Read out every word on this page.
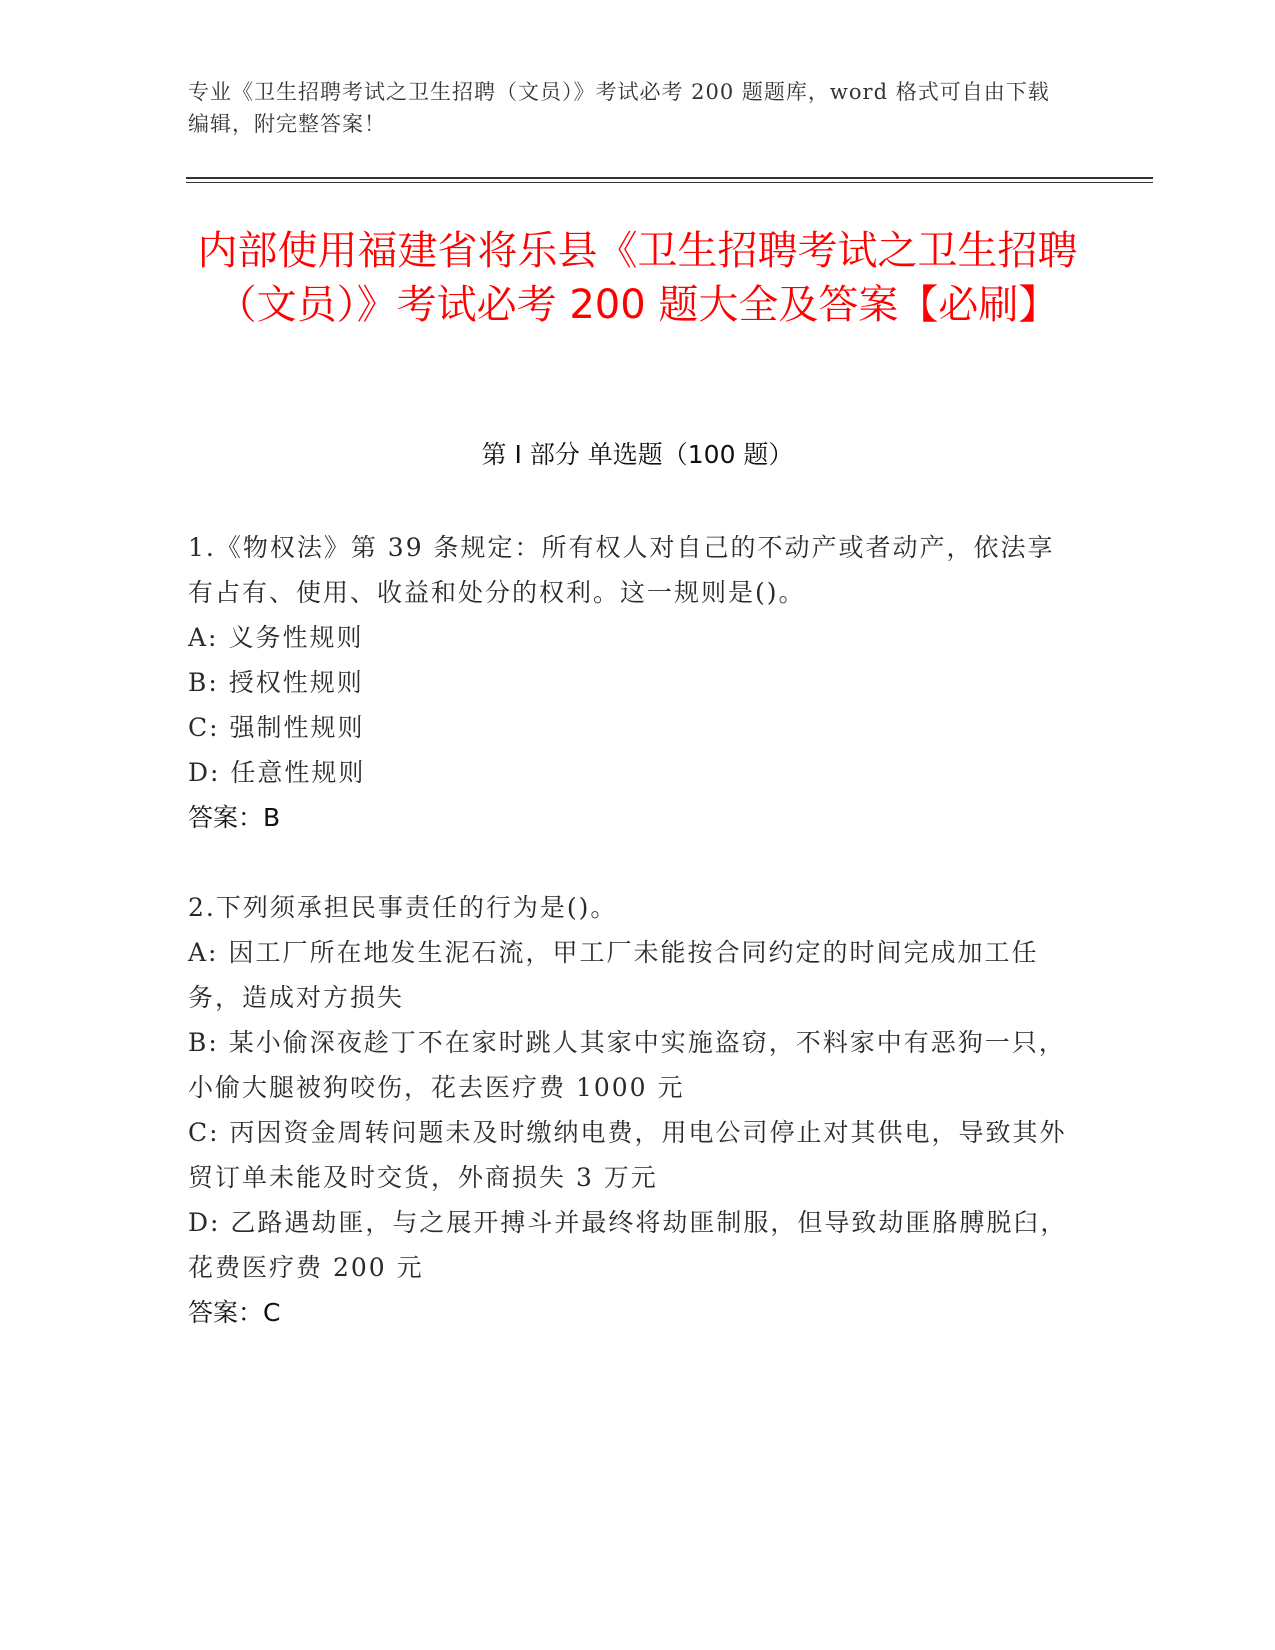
专业《卫生招聘考试之卫生招聘（文员）》考试必考 200 题题库，word 格式可自由下载编辑，附完整答案！
内部使用福建省将乐县《卫生招聘考试之卫生招聘（文员）》考试必考 200 题大全及答案【必刷】
第 I 部分 单选题（100 题）

1.《物权法》第 39 条规定：所有权人对自己的不动产或者动产，依法享有占有、使用、收益和处分的权利。这一规则是()。

A: 义务性规则

B: 授权性规则

C: 强制性规则

D: 任意性规则

答案：B

2.下列须承担民事责任的行为是()。

A: 因工厂所在地发生泥石流，甲工厂未能按合同约定的时间完成加工任务，造成对方损失

B: 某小偷深夜趁丁不在家时跳人其家中实施盗窃，不料家中有恶狗一只，小偷大腿被狗咬伤，花去医疗费 1000 元

C: 丙因资金周转问题未及时缴纳电费，用电公司停止对其供电，导致其外贸订单未能及时交货，外商损失 3 万元

D: 乙路遇劫匪，与之展开搏斗并最终将劫匪制服，但导致劫匪胳膊脱臼，花费医疗费 200 元

答案：C
